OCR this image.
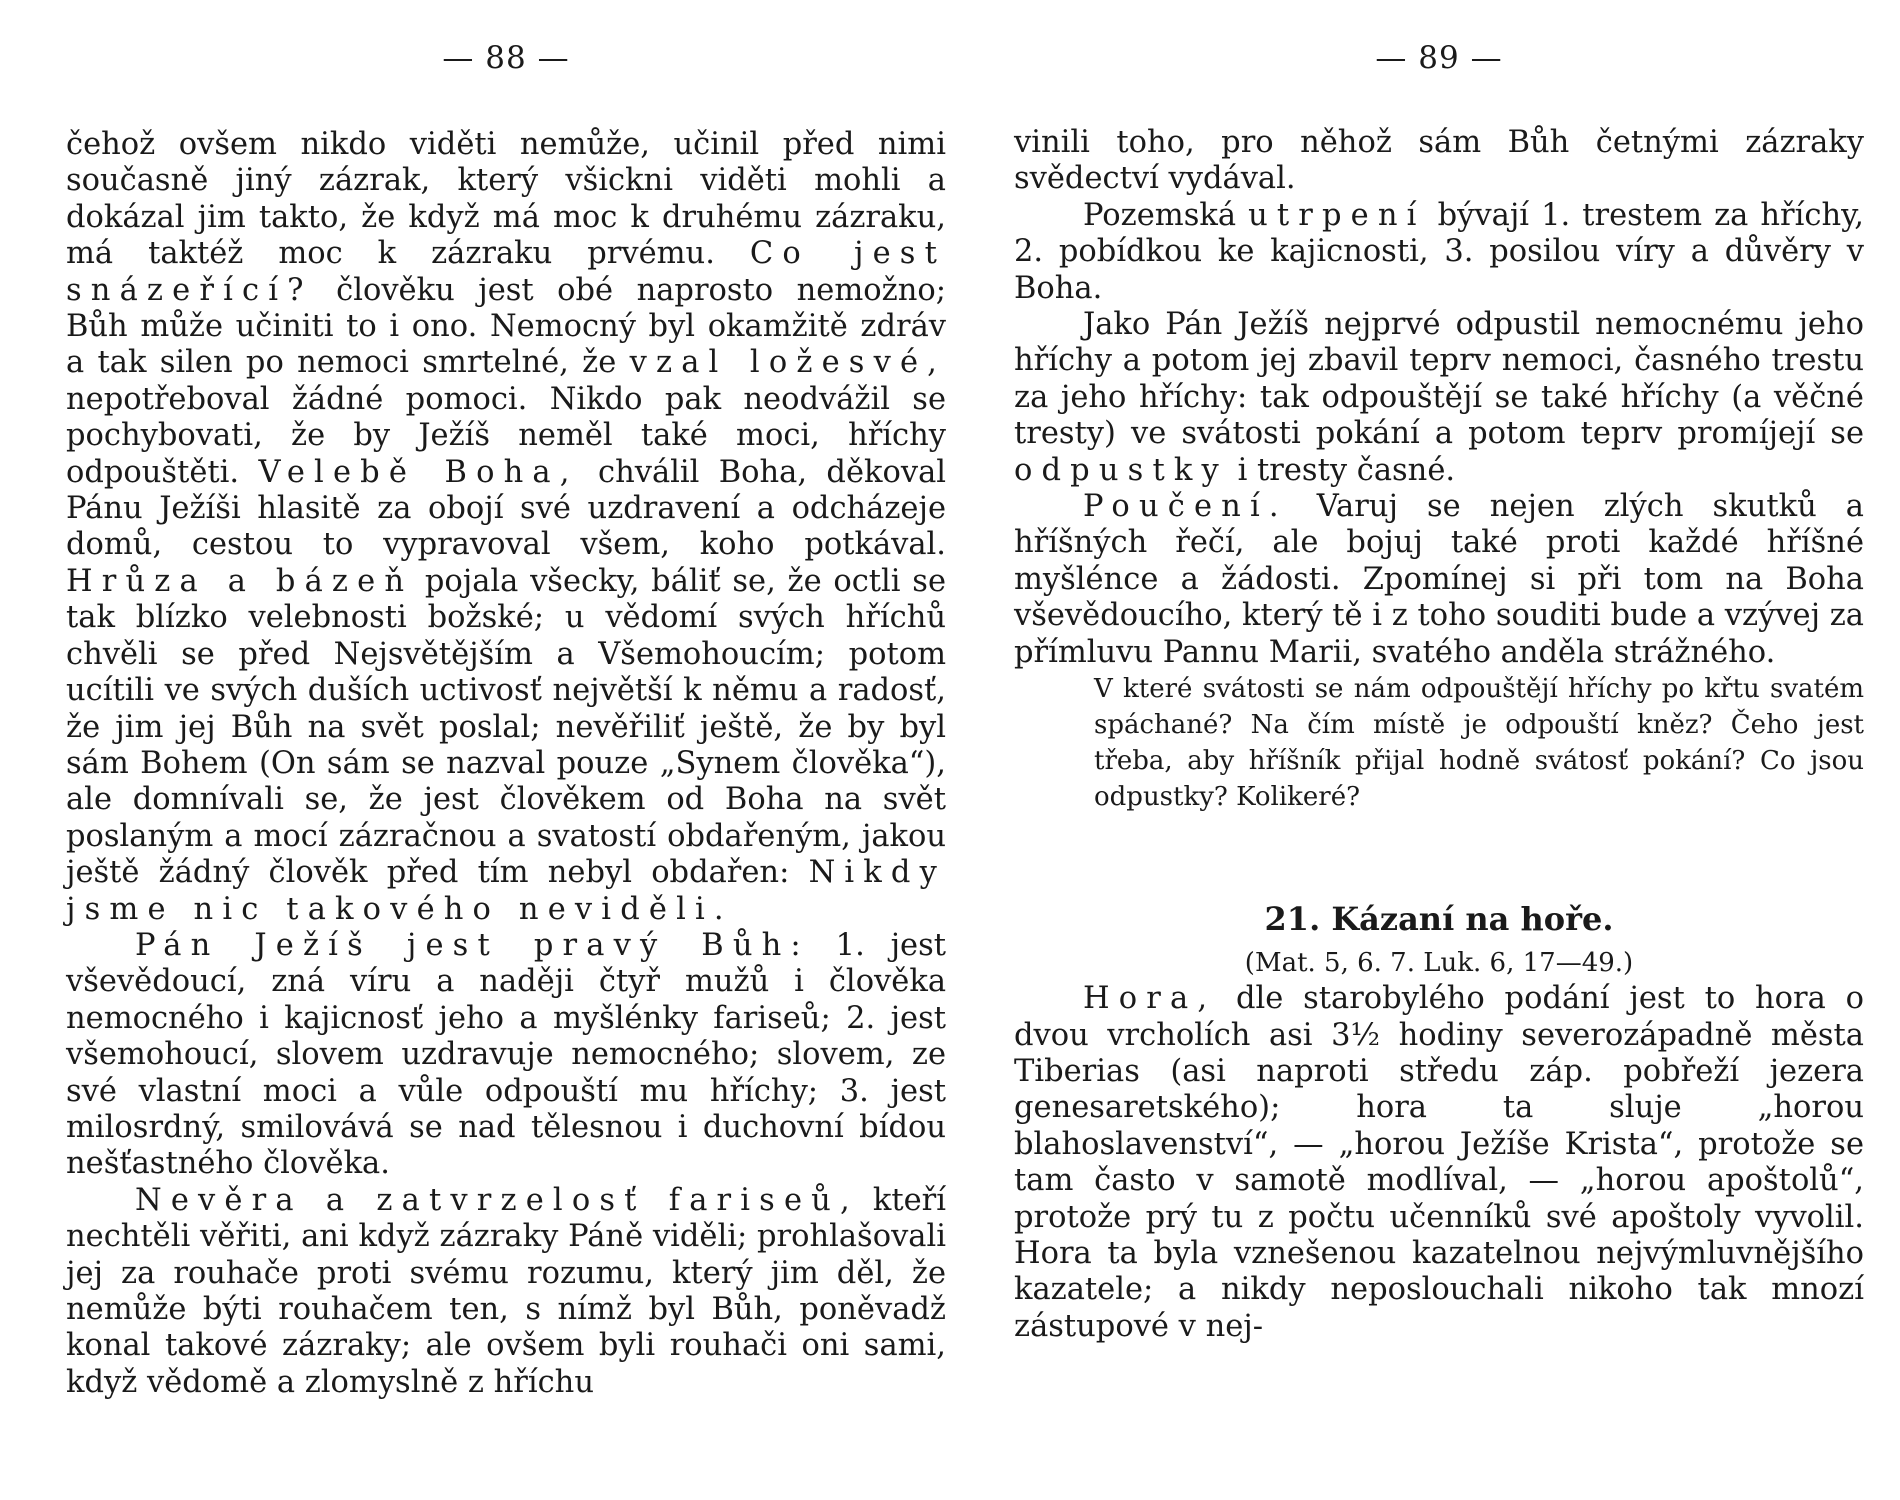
— 88 —

čehož ovšem nikdo viděti nemůže, učinil před nimi současně jiný zázrak, který všickni viděti mohli a dokázal jim takto, že když má moc k druhému zázraku, má taktéž moc k zázraku prvému. Co jest snázeřící? člověku jest obé naprosto nemožno; Bůh může učiniti to i ono. Nemocný byl okamžitě zdráv a tak silen po nemoci smrtelné, že vzal ložesvé, nepotřeboval žádné pomoci. Nikdo pak neodvážil se pochybovati, že by Ježíš neměl také moci, hříchy odpouštěti. Velebě Boha, chválil Boha, děkoval Pánu Ježíši hlasitě za obojí své uzdravení a odcházeje domů, cestou to vypravoval všem, koho potkával. Hrůza a bázeň pojala všecky, báliť se, že octli se tak blízko velebnosti božské; u vědomí svých hříchů chvěli se před Nejsvětějším a Všemohoucím; potom ucítili ve svých duších uctivosť největší k němu a radosť, že jim jej Bůh na svět poslal; nevěřiliť ještě, že by byl sám Bohem (On sám se nazval pouze „Synem člověka“), ale domnívali se, že jest člověkem od Boha na svět poslaným a mocí zázračnou a svatostí obdařeným, jakou ještě žádný člověk před tím nebyl obdařen: Nikdy jsme nic takového neviděli.

Pán Ježíš jest pravý Bůh: 1. jest vševědoucí, zná víru a naději čtyř mužů i člověka nemocného i kajicnosť jeho a myšlénky fariseů; 2. jest všemohoucí, slovem uzdravuje nemocného; slovem, ze své vlastní moci a vůle odpouští mu hříchy; 3. jest milosrdný, smilovává se nad tělesnou i duchovní bídou nešťastného člověka.

Nevěra a zatvrzelosť fariseů, kteří nechtěli věřiti, ani když zázraky Páně viděli; prohlašovali jej za rouhače proti svému rozumu, který jim děl, že nemůže býti rouhačem ten, s nímž byl Bůh, poněvadž konal takové zázraky; ale ovšem byli rouhači oni sami, když vědomě a zlomyslně z hříchu

— 89 —

vinili toho, pro něhož sám Bůh četnými zázraky svědectví vydával.

Pozemská utrpení bývají 1. trestem za hříchy, 2. pobídkou ke kajicnosti, 3. posilou víry a důvěry v Boha.

Jako Pán Ježíš nejprvé odpustil nemocnému jeho hříchy a potom jej zbavil teprv nemoci, časného trestu za jeho hříchy: tak odpouštějí se také hříchy (a věčné tresty) ve svátosti pokání a potom teprv promíjejí se odpustky i tresty časné.

Poučení. Varuj se nejen zlých skutků a hříšných řečí, ale bojuj také proti každé hříšné myšlénce a žádosti. Zpomínej si při tom na Boha vševědoucího, který tě i z toho souditi bude a vzývej za přímluvu Pannu Marii, svatého anděla strážného.

V které svátosti se nám odpouštějí hříchy po křtu svatém spáchané? Na čím místě je odpouští kněz? Čeho jest třeba, aby hříšník přijal hodně svátosť pokání? Co jsou odpustky? Kolikeré?

21. Kázaní na hoře.
(Mat. 5, 6. 7. Luk. 6, 17—49.)

Hora, dle starobylého podání jest to hora o dvou vrcholích asi 3½ hodiny severozápadně města Tiberias (asi naproti středu záp. pobřeží jezera genesaretského); hora ta sluje „horou blahoslavenství“, — „horou Ježíše Krista“, protože se tam často v samotě modlíval, — „horou apoštolů“, protože prý tu z počtu učenníků své apoštoly vyvolil. Hora ta byla vznešenou kazatelnou nejvýmluvnějšího kazatele; a nikdy neposlouchali nikoho tak mnozí zástupové v nej-
